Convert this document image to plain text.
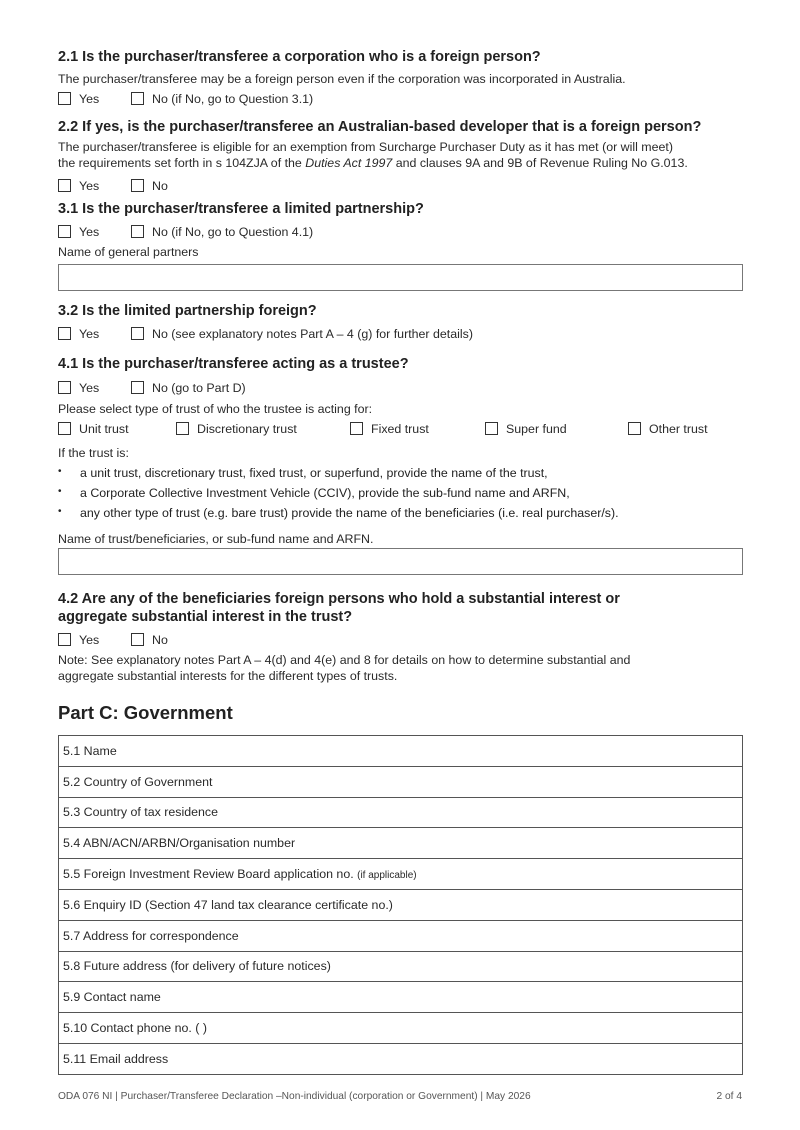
2.1 Is the purchaser/transferee a corporation who is a foreign person?
The purchaser/transferee may be a foreign person even if the corporation was incorporated in Australia.
Yes	No (if No, go to Question 3.1)
2.2 If yes, is the purchaser/transferee an Australian-based developer that is a foreign person?
The purchaser/transferee is eligible for an exemption from Surcharge Purchaser Duty as it has met (or will meet)
the requirements set forth in s 104ZJA of the Duties Act 1997 and clauses 9A and 9B of Revenue Ruling No G.013.
Yes	No
3.1 Is the purchaser/transferee a limited partnership?
Yes	No (if No, go to Question 4.1)
Name of general partners
3.2 Is the limited partnership foreign?
Yes	No (see explanatory notes Part A – 4 (g) for further details)
4.1 Is the purchaser/transferee acting as a trustee?
Yes	No (go to Part D)
Please select type of trust of who the trustee is acting for:
Unit trust	Discretionary trust	Fixed trust	Super fund	Other trust
If the trust is:
• a unit trust, discretionary trust, fixed trust, or superfund, provide the name of the trust,
• a Corporate Collective Investment Vehicle (CCIV), provide the sub-fund name and ARFN,
• any other type of trust (e.g. bare trust) provide the name of the beneficiaries (i.e. real purchaser/s).
Name of trust/beneficiaries, or sub-fund name and ARFN.
4.2 Are any of the beneficiaries foreign persons who hold a substantial interest or
aggregate substantial interest in the trust?
Yes	No
Note: See explanatory notes Part A – 4(d) and 4(e) and 8 for details on how to determine substantial and
aggregate substantial interests for the different types of trusts.
Part C: Government
5.1 Name
5.2 Country of Government
5.3 Country of tax residence
5.4 ABN/ACN/ARBN/Organisation number
5.5 Foreign Investment Review Board application no. (if applicable)
5.6 Enquiry ID (Section 47 land tax clearance certificate no.)
5.7 Address for correspondence
5.8 Future address (for delivery of future notices)
5.9 Contact name
5.10 Contact phone no. ( )
5.11 Email address
ODA 076 NI | Purchaser/Transferee Declaration –Non-individual (corporation or Government) | May 2026	2 of 4
